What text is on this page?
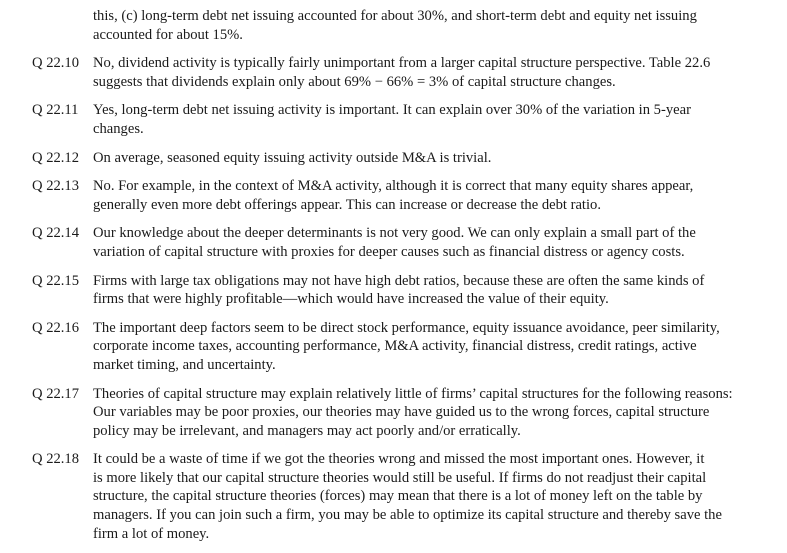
this, (c) long-term debt net issuing accounted for about 30%, and short-term debt and equity net issuing
accounted for about 15%.
Q 22.10 No, dividend activity is typically fairly unimportant from a larger capital structure perspective. Table 22.6
suggests that dividends explain only about 69% − 66% = 3% of capital structure changes.
Q 22.11 Yes, long-term debt net issuing activity is important. It can explain over 30% of the variation in 5-year
changes.
Q 22.12 On average, seasoned equity issuing activity outside M&A is trivial.
Q 22.13 No. For example, in the context of M&A activity, although it is correct that many equity shares appear,
generally even more debt offerings appear. This can increase or decrease the debt ratio.
Q 22.14 Our knowledge about the deeper determinants is not very good. We can only explain a small part of the
variation of capital structure with proxies for deeper causes such as financial distress or agency costs.
Q 22.15 Firms with large tax obligations may not have high debt ratios, because these are often the same kinds of
firms that were highly profitable—which would have increased the value of their equity.
Q 22.16 The important deep factors seem to be direct stock performance, equity issuance avoidance, peer similarity,
corporate income taxes, accounting performance, M&A activity, financial distress, credit ratings, active
market timing, and uncertainty.
Q 22.17 Theories of capital structure may explain relatively little of firms’ capital structures for the following reasons:
Our variables may be poor proxies, our theories may have guided us to the wrong forces, capital structure
policy may be irrelevant, and managers may act poorly and/or erratically.
Q 22.18 It could be a waste of time if we got the theories wrong and missed the most important ones. However, it
is more likely that our capital structure theories would still be useful. If firms do not readjust their capital
structure, the capital structure theories (forces) may mean that there is a lot of money left on the table by
managers. If you can join such a firm, you may be able to optimize its capital structure and thereby save the
firm a lot of money.
